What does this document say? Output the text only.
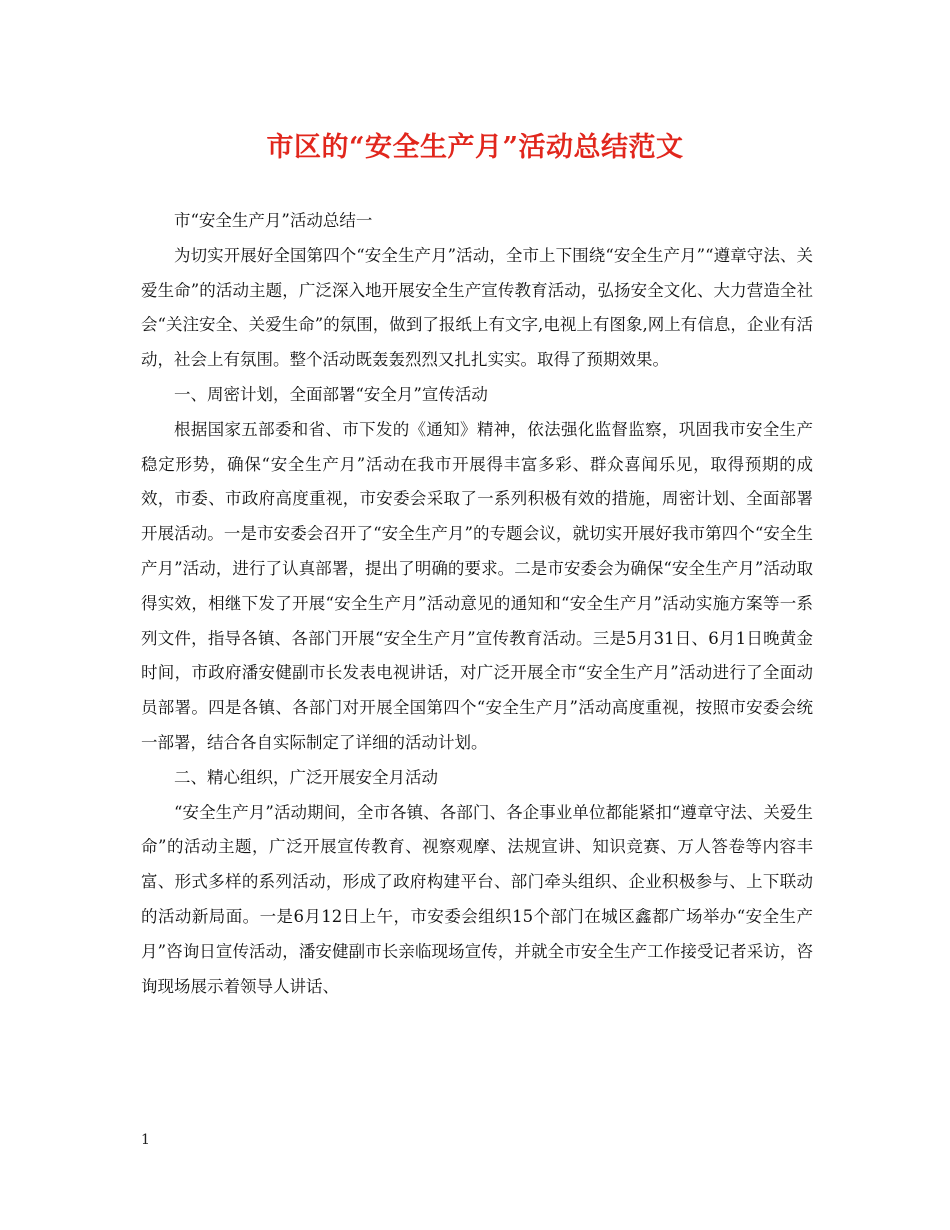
市区的“安全生产月”活动总结范文

市“安全生产月”活动总结一

为切实开展好全国第四个“安全生产月”活动，全市上下围绕“安全生产月”“遵章守法、关爱生命”的活动主题，广泛深入地开展安全生产宣传教育活动，弘扬安全文化、大力营造全社会“关注安全、关爱生命”的氛围，做到了报纸上有文字,电视上有图象,网上有信息，企业有活动，社会上有氛围。整个活动既轰轰烈烈又扎扎实实。取得了预期效果。

一、周密计划，全面部署“安全月”宣传活动

根据国家五部委和省、市下发的《通知》精神，依法强化监督监察，巩固我市安全生产稳定形势，确保“安全生产月”活动在我市开展得丰富多彩、群众喜闻乐见，取得预期的成效，市委、市政府高度重视，市安委会采取了一系列积极有效的措施，周密计划、全面部署开展活动。一是市安委会召开了“安全生产月”的专题会议，就切实开展好我市第四个“安全生产月”活动，进行了认真部署，提出了明确的要求。二是市安委会为确保“安全生产月”活动取得实效，相继下发了开展“安全生产月”活动意见的通知和“安全生产月”活动实施方案等一系列文件，指导各镇、各部门开展“安全生产月”宣传教育活动。三是5月31日、6月1日晚黄金时间，市政府潘安健副市长发表电视讲话，对广泛开展全市“安全生产月”活动进行了全面动员部署。四是各镇、各部门对开展全国第四个“安全生产月”活动高度重视，按照市安委会统一部署，结合各自实际制定了详细的活动计划。

二、精心组织，广泛开展安全月活动

“安全生产月”活动期间，全市各镇、各部门、各企事业单位都能紧扣“遵章守法、关爱生命”的活动主题，广泛开展宣传教育、视察观摩、法规宣讲、知识竞赛、万人答卷等内容丰富、形式多样的系列活动，形成了政府构建平台、部门牵头组织、企业积极参与、上下联动的活动新局面。一是6月12日上午，市安委会组织15个部门在城区鑫都广场举办“安全生产月”咨询日宣传活动，潘安健副市长亲临现场宣传，并就全市安全生产工作接受记者采访，咨询现场展示着领导人讲话、

1
